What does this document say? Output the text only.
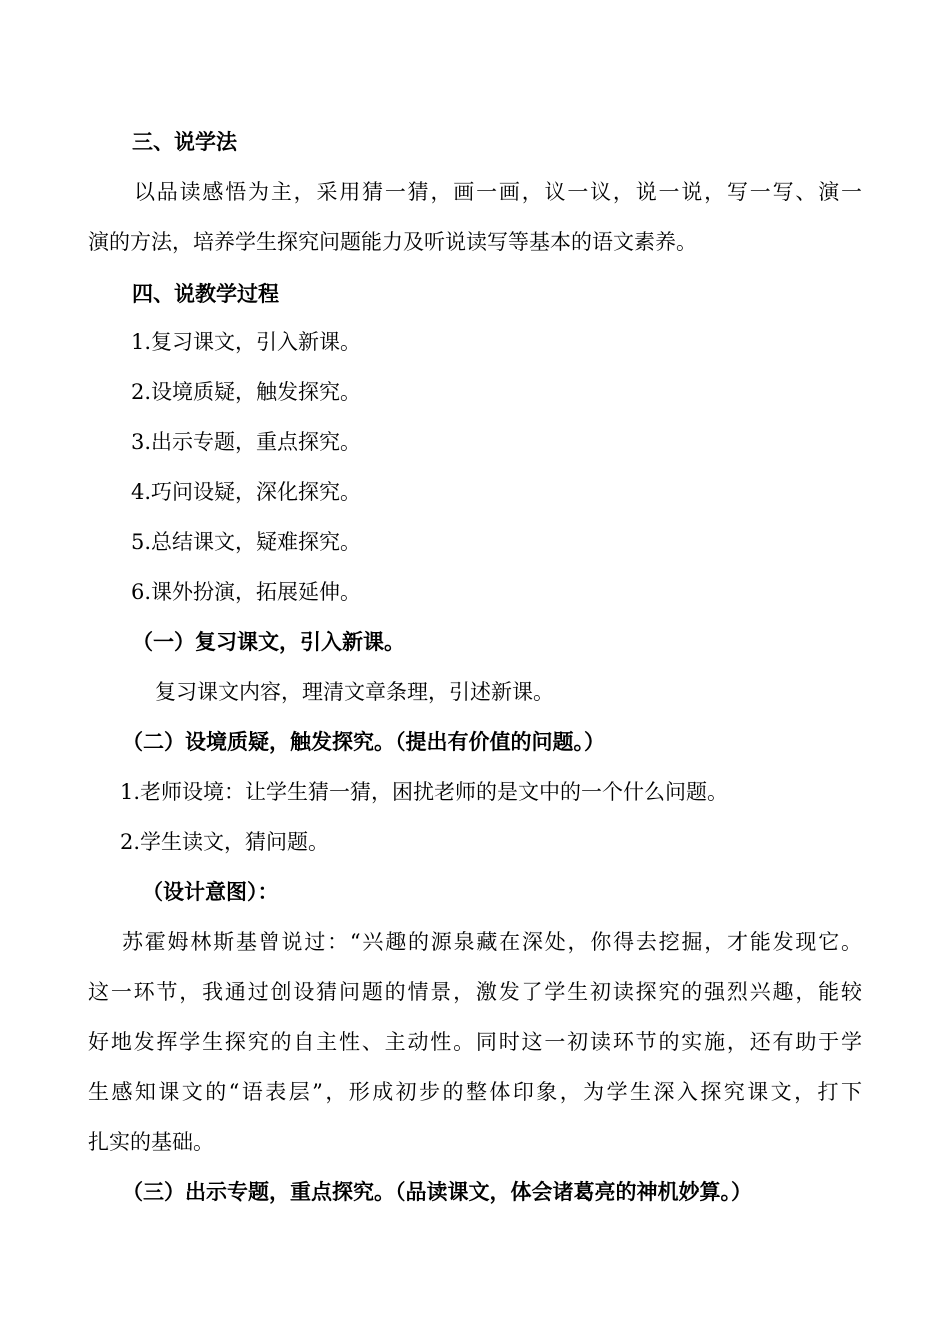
三、说学法
以品读感悟为主，采用猜一猜，画一画，议一议，说一说，写一写、演一
演的方法，培养学生探究问题能力及听说读写等基本的语文素养。
四、说教学过程
1.复习课文，引入新课。
2.设境质疑，触发探究。
3.出示专题，重点探究。
4.巧问设疑，深化探究。
5.总结课文，疑难探究。
6.课外扮演，拓展延伸。
（一）复习课文，引入新课。
复习课文内容，理清文章条理，引述新课。
（二）设境质疑，触发探究。（提出有价值的问题。）
1.老师设境：让学生猜一猜，困扰老师的是文中的一个什么问题。
2.学生读文，猜问题。
（设计意图）：
苏霍姆林斯基曾说过：“兴趣的源泉藏在深处，你得去挖掘，才能发现它。
这一环节，我通过创设猜问题的情景，激发了学生初读探究的强烈兴趣，能较
好地发挥学生探究的自主性、主动性。同时这一初读环节的实施，还有助于学
生感知课文的“语表层”，形成初步的整体印象，为学生深入探究课文，打下
扎实的基础。
（三）出示专题，重点探究。（品读课文，体会诸葛亮的神机妙算。）
